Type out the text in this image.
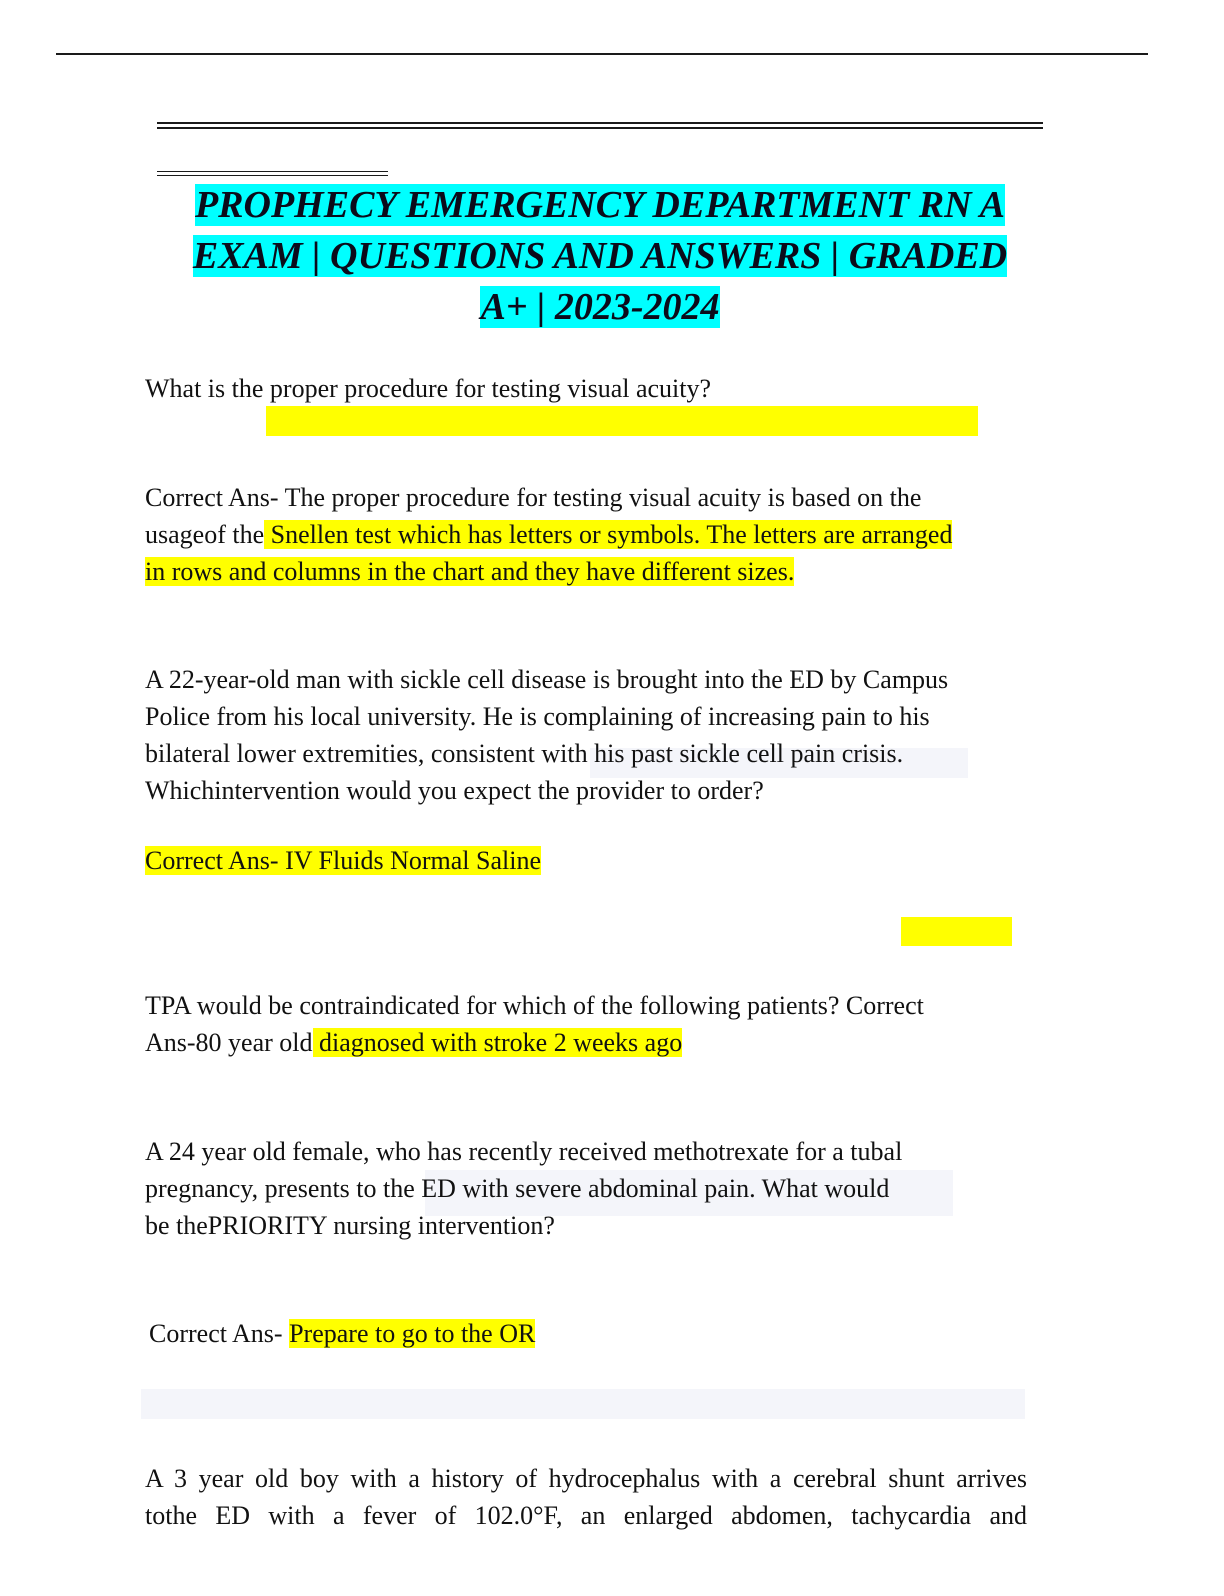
PROPHECY EMERGENCY DEPARTMENT RN A
EXAM | QUESTIONS AND ANSWERS | GRADED
A+ | 2023-2024

What is the proper procedure for testing visual acuity?

Correct Ans- The proper procedure for testing visual acuity is based on the
usageof the Snellen test which has letters or symbols. The letters are arranged
in rows and columns in the chart and they have different sizes.

A 22-year-old man with sickle cell disease is brought into the ED by Campus
Police from his local university. He is complaining of increasing pain to his
bilateral lower extremities, consistent with his past sickle cell pain crisis.
Whichintervention would you expect the provider to order?

Correct Ans- IV Fluids Normal Saline

TPA would be contraindicated for which of the following patients? Correct
Ans-80 year old diagnosed with stroke 2 weeks ago

A 24 year old female, who has recently received methotrexate for a tubal
pregnancy, presents to the ED with severe abdominal pain. What would
be thePRIORITY nursing intervention?

Correct Ans- Prepare to go to the OR

A 3 year old boy with a history of hydrocephalus with a cerebral shunt arrives
tothe ED with a fever of 102.0°F, an enlarged abdomen, tachycardia and
